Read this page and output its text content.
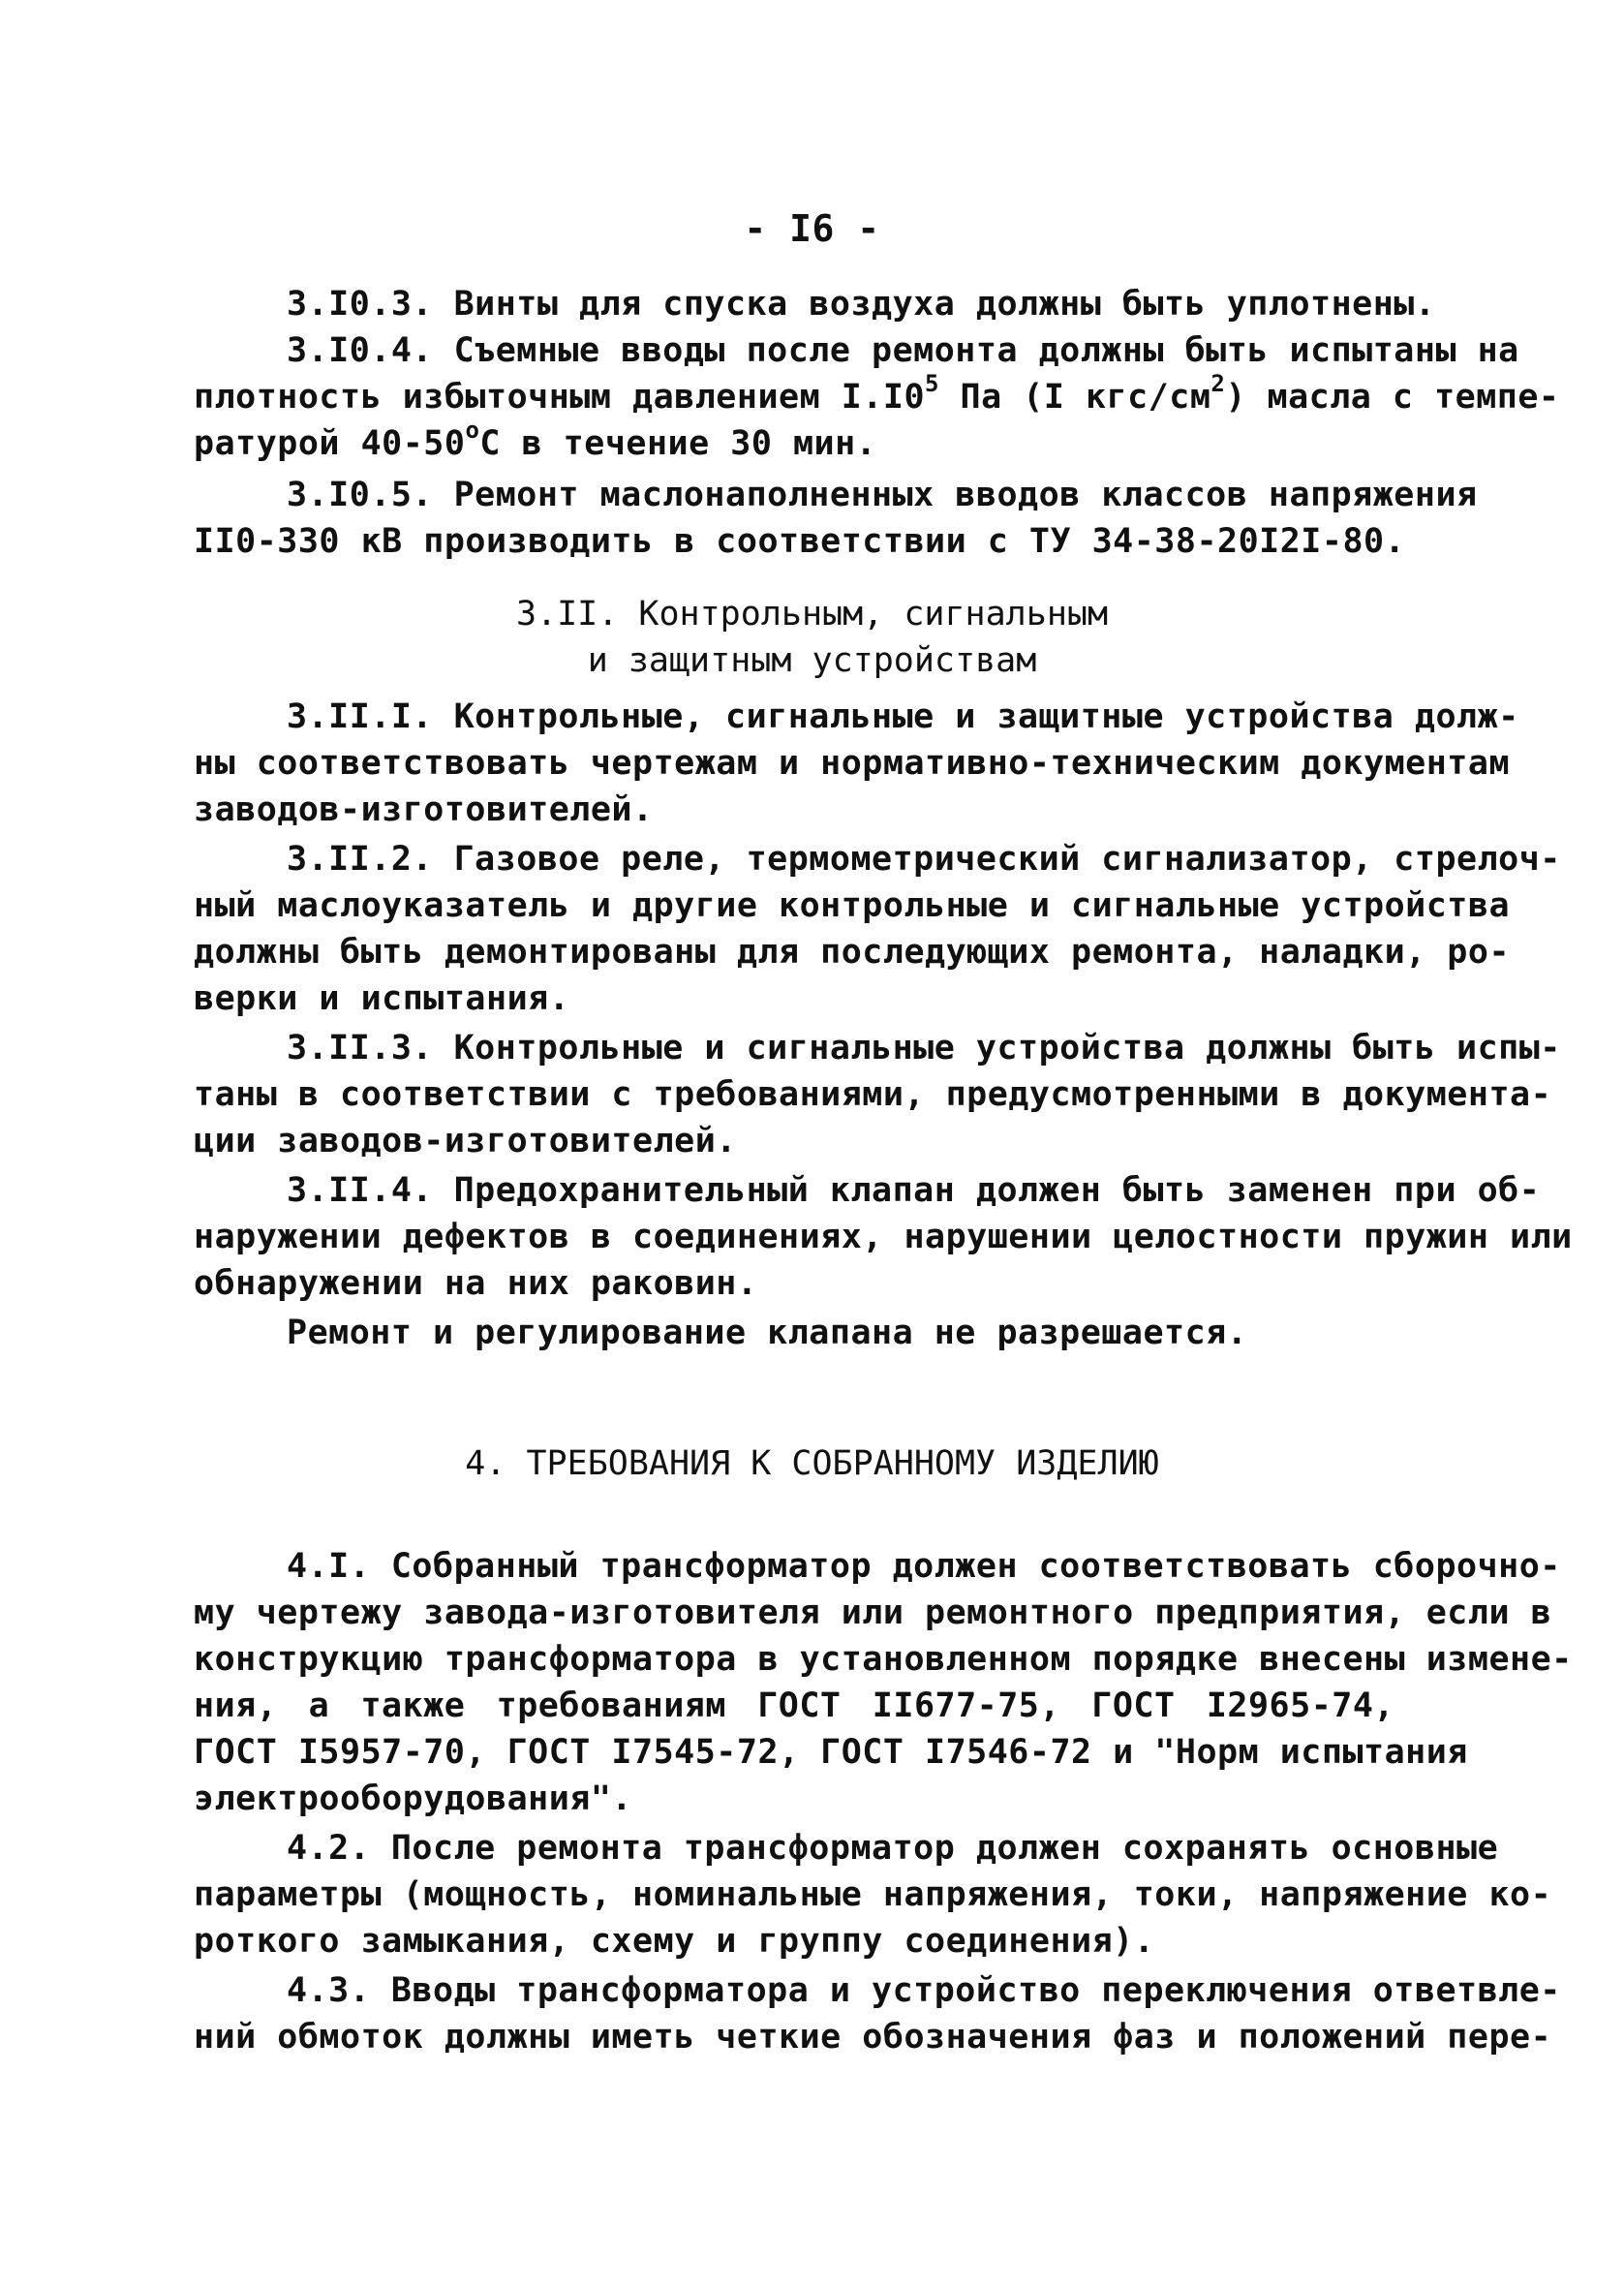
- I6 -
3.I0.3. Винты для спуска воздуха должны быть уплотнены.
3.I0.4. Съемные вводы после ремонта должны быть испытаны на
плотность избыточным давлением $I.I0^5$ Па (I кгс/$см^2$) масла с темпе-
ратурой $40-50^оС$ в течение 30 мин.
3.I0.5. Ремонт маслонаполненных вводов классов напряжения
II0-330 кВ производить в соответствии с ТУ 34-38-20I2I-80.
3.II. Контрольным, сигнальным
и защитным устройствам
3.II.I. Контрольные, сигнальные и защитные устройства долж-
ны соответствовать чертежам и нормативно-техническим документам
заводов-изготовителей.
3.II.2. Газовое реле, термометрический сигнализатор, стрелоч-
ный маслоуказатель и другие контрольные и сигнальные устройства
должны быть демонтированы для последующих ремонта, наладки, ро-
верки и испытания.
3.II.3. Контрольные и сигнальные устройства должны быть испы-
таны в соответствии с требованиями, предусмотренными в документа-
ции заводов-изготовителей.
3.II.4. Предохранительный клапан должен быть заменен при об-
наружении дефектов в соединениях, нарушении целостности пружин или
обнаружении на них раковин.
Ремонт и регулирование клапана не разрешается.
4. ТРЕБОВАНИЯ К СОБРАННОМУ ИЗДЕЛИЮ
4.I. Собранный трансформатор должен соответствовать сборочно-
му чертежу завода-изготовителя или ремонтного предприятия, если в
конструкцию трансформатора в установленном порядке внесены измене-
ния, а также требованиям ГОСТ II677-75, ГОСТ I2965-74,
ГОСТ I5957-70, ГОСТ I7545-72, ГОСТ I7546-72 и "Норм испытания
электрооборудования".
4.2. После ремонта трансформатор должен сохранять основные
параметры (мощность, номинальные напряжения, токи, напряжение ко-
роткого замыкания, схему и группу соединения).
4.3. Вводы трансформатора и устройство переключения ответвле-
ний обмоток должны иметь четкие обозначения фаз и положений пере-
